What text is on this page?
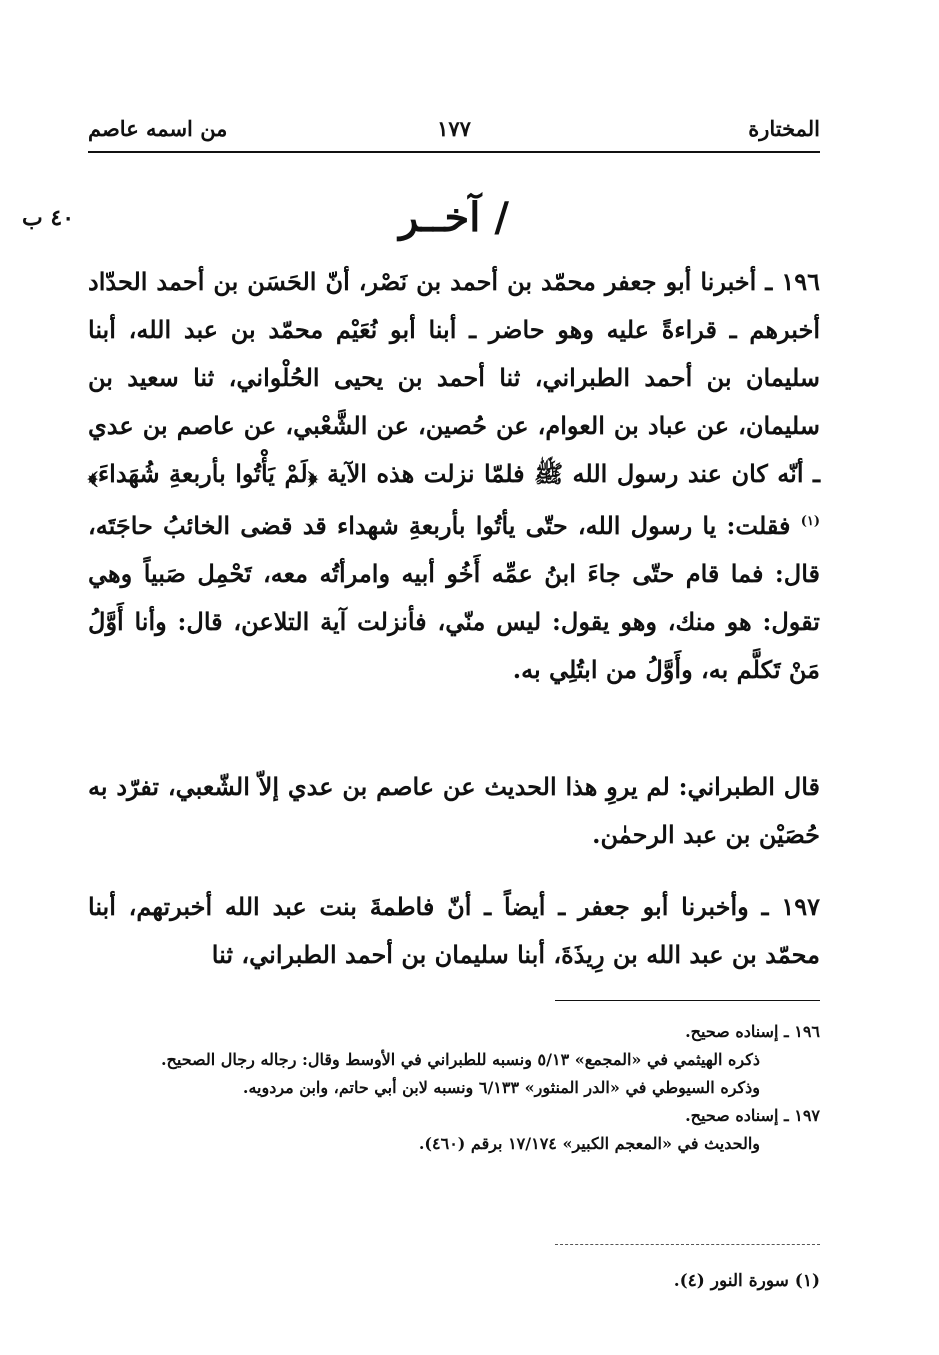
المختارة
١٧٧
من اسمه عاصم
٤٠ ب	/ آخــر
١٩٦ ـ أخبرنا أبو جعفر محمّد بن أحمد بن نَصْر، أنّ الحَسَن بن أحمد الحدّاد أخبرهم ـ قراءةً عليه وهو حاضر ـ أبنا أبو نُعَيْم محمّد بن عبد الله، أبنا سليمان بن أحمد الطبراني، ثنا أحمد بن يحيى الحُلْواني، ثنا سعيد بن سليمان، عن عباد بن العوام، عن حُصين، عن الشَّعْبي، عن عاصم بن عدي ـ أنّه كان عند رسول الله ﷺ فلمّا نزلت هذه الآية ﴿لَمْ يَأْتُوا بأربعةِ شُهَداءَ﴾$^{(١)}$ فقلت: يا رسول الله، حتّى يأتُوا بأربعةِ شهداء قد قضى الخائبُ حاجَتَه، قال: فما قام حتّى جاءَ ابنُ عمِّه أَخُو أبيه وامرأتُه معه، تَحْمِل صَبياً وهي تقول: هو منك، وهو يقول: ليس منّي، فأنزلت آية التلاعن، قال: وأنا أَوَّلُ مَنْ تَكلَّم به، وأَوَّلُ من ابتُلِي به.
قال الطبراني: لم يروِ هذا الحديث عن عاصم بن عدي إلاّ الشّعبي، تفرّد به حُصَيْن بن عبد الرحمٰن.
١٩٧ ـ وأخبرنا أبو جعفر ـ أيضاً ـ أنّ فاطمةَ بنت عبد الله أخبرتهم، أبنا محمّد بن عبد الله بن رِيذَةَ، أبنا سليمان بن أحمد الطبراني، ثنا
١٩٦ ـ إسناده صحيح.
ذكره الهيثمي في «المجمع» ٥/١٣ ونسبه للطبراني في الأوسط وقال: رجاله رجال الصحيح.
وذكره السيوطي في «الدر المنثور» ٦/١٣٣ ونسبه لابن أبي حاتم، وابن مردويه.
١٩٧ ـ إسناده صحيح.
والحديث في «المعجم الكبير» ١٧/١٧٤ برقم (٤٦٠).
(١) سورة النور (٤).
